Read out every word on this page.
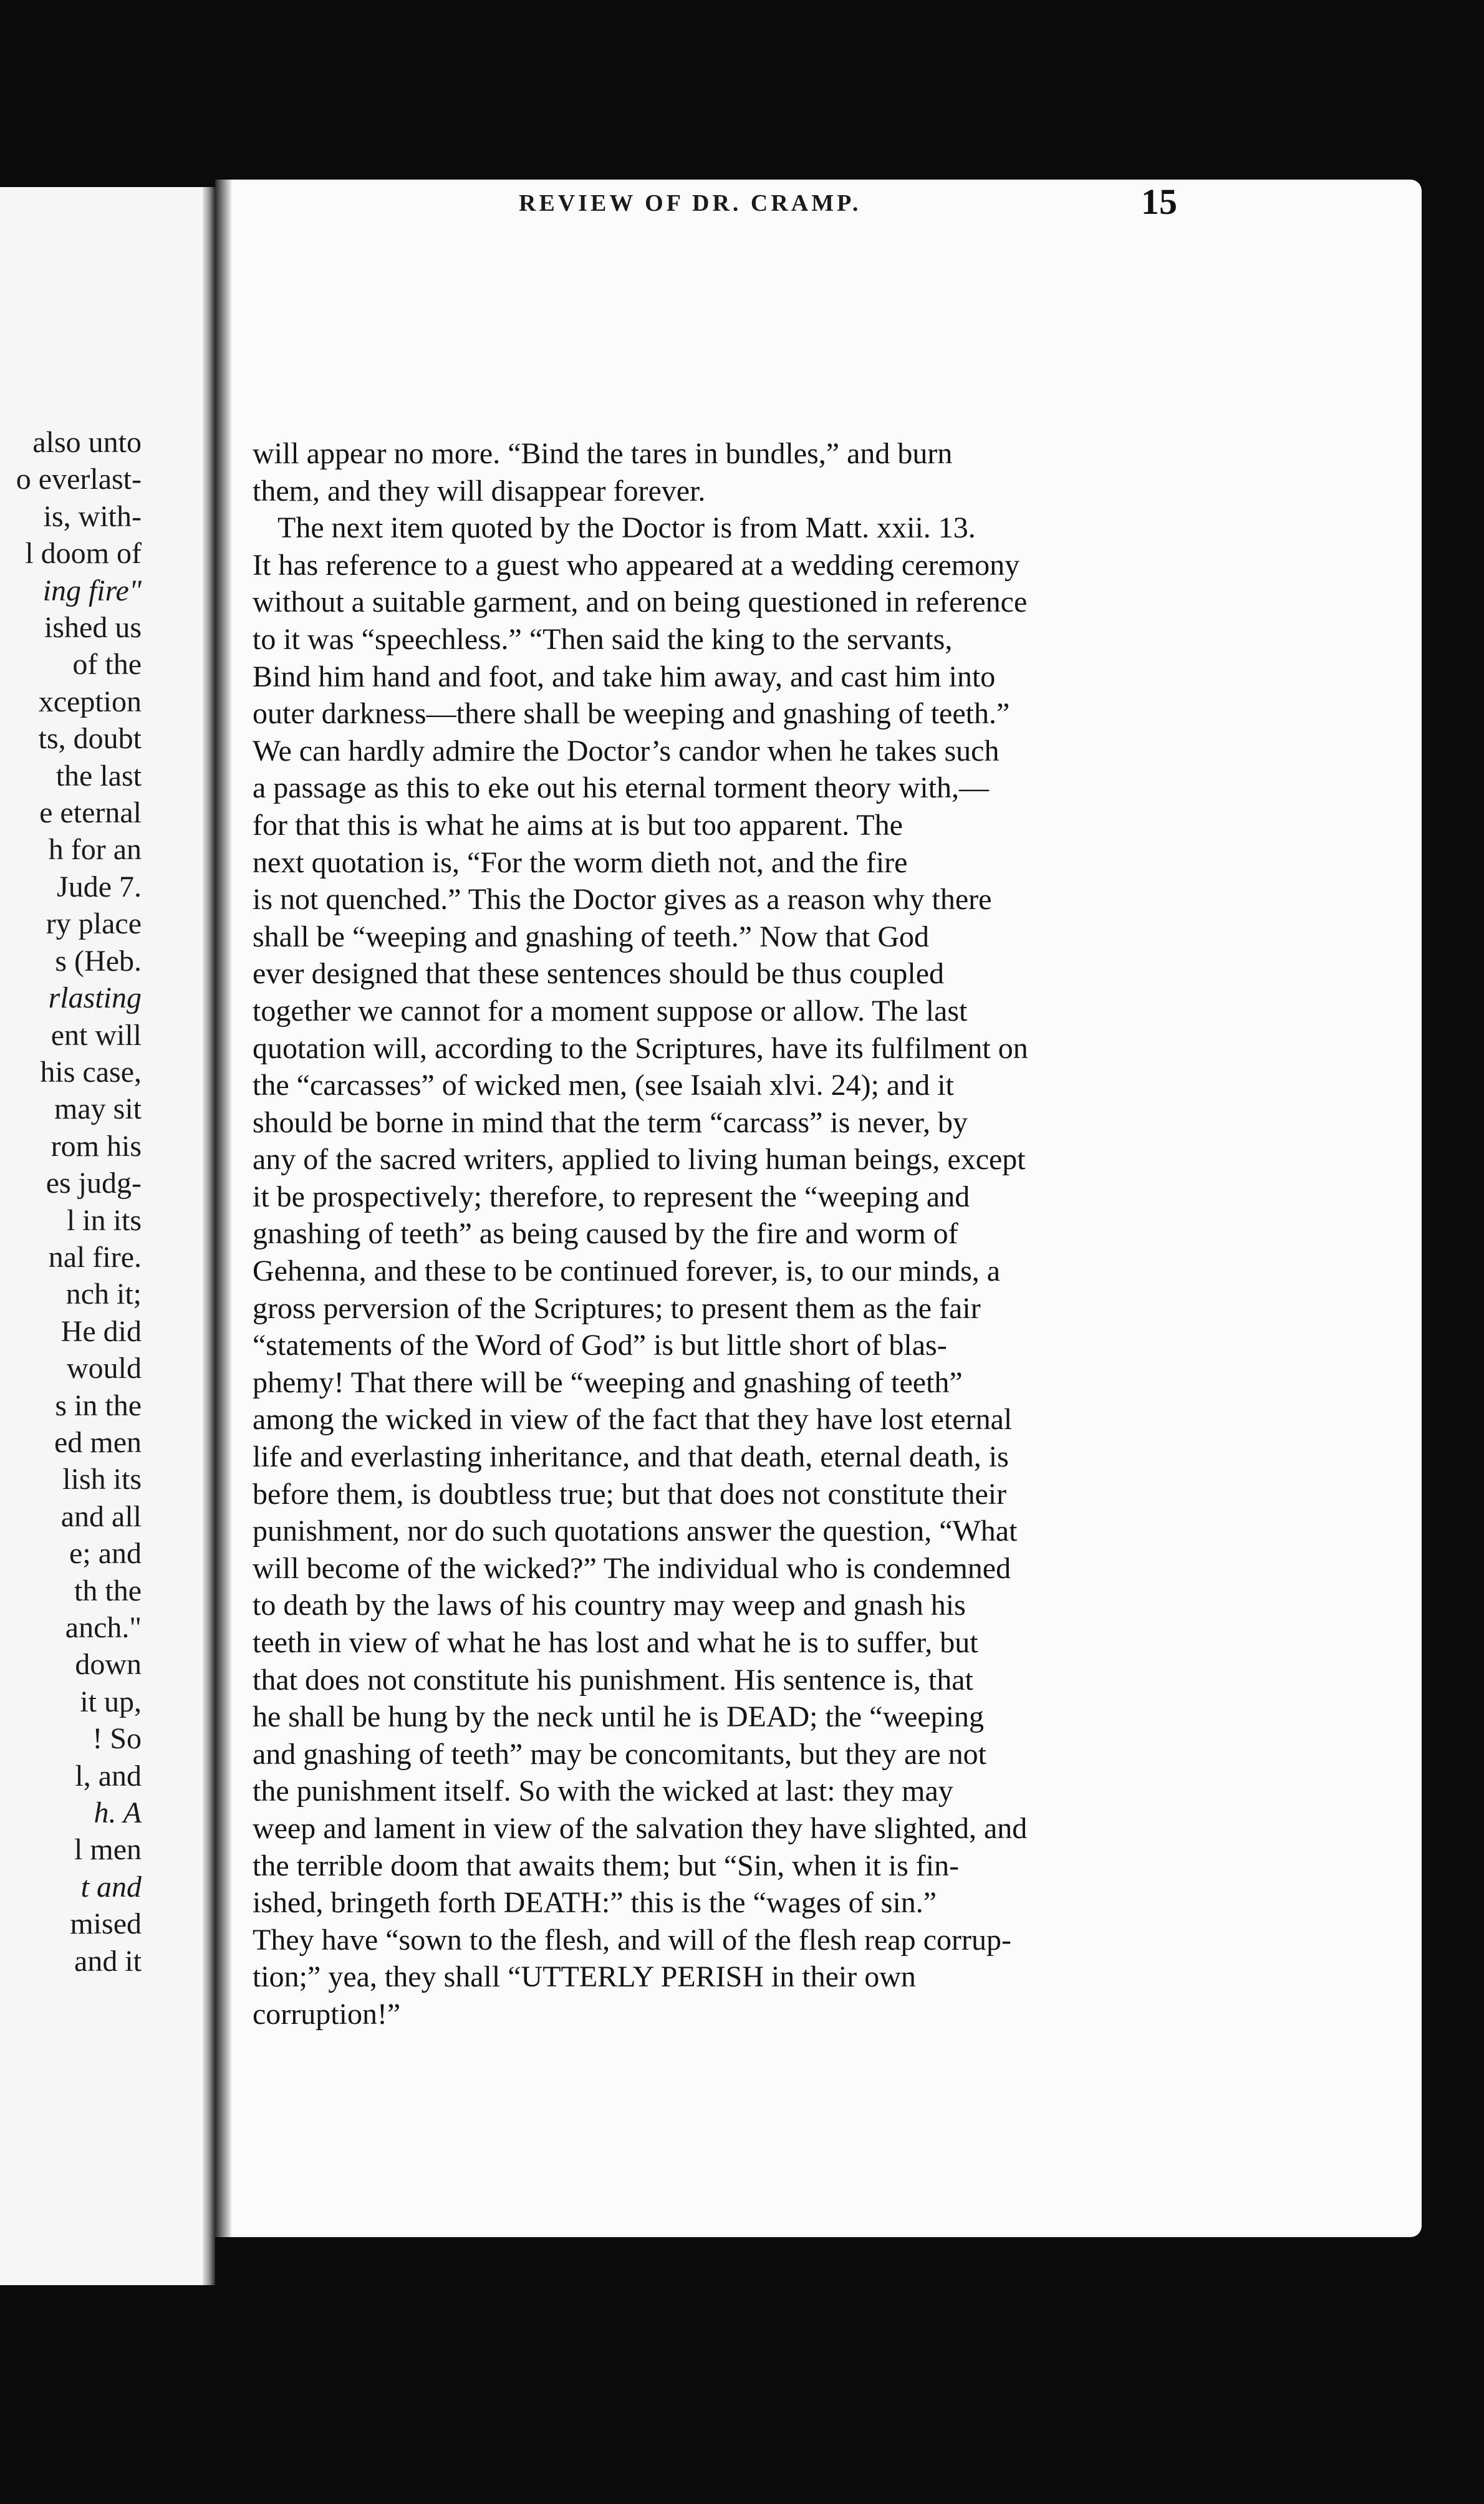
also unto
o everlast-
is, with-
l doom of
ing fire"
ished us
of the
xception
ts, doubt
the last
e eternal
h for an
Jude 7.
ry place
s (Heb.
rlasting
ent will
his case,
may sit
rom his
es judg-
l in its
nal fire.
nch it;
He did
would
s in the
ed men
lish its
and all
e; and
th the
anch."
down
it up,
! So
l, and
h. A
l men
t and
mised
and it
REVIEW OF DR. CRAMP.	15
will appear no more. “Bind the tares in bundles,” and burn
them, and they will disappear forever.
The next item quoted by the Doctor is from Matt. xxii. 13.
It has reference to a guest who appeared at a wedding ceremony
without a suitable garment, and on being questioned in reference
to it was “speechless.” “Then said the king to the servants,
Bind him hand and foot, and take him away, and cast him into
outer darkness—there shall be weeping and gnashing of teeth.”
We can hardly admire the Doctor’s candor when he takes such
a passage as this to eke out his eternal torment theory with,—
for that this is what he aims at is but too apparent. The
next quotation is, “For the worm dieth not, and the fire
is not quenched.” This the Doctor gives as a reason why there
shall be “weeping and gnashing of teeth.” Now that God
ever designed that these sentences should be thus coupled
together we cannot for a moment suppose or allow. The last
quotation will, according to the Scriptures, have its fulfilment on
the “carcasses” of wicked men, (see Isaiah xlvi. 24); and it
should be borne in mind that the term “carcass” is never, by
any of the sacred writers, applied to living human beings, except
it be prospectively; therefore, to represent the “weeping and
gnashing of teeth” as being caused by the fire and worm of
Gehenna, and these to be continued forever, is, to our minds, a
gross perversion of the Scriptures; to present them as the fair
“statements of the Word of God” is but little short of blas-
phemy! That there will be “weeping and gnashing of teeth”
among the wicked in view of the fact that they have lost eternal
life and everlasting inheritance, and that death, eternal death, is
before them, is doubtless true; but that does not constitute their
punishment, nor do such quotations answer the question, “What
will become of the wicked?” The individual who is condemned
to death by the laws of his country may weep and gnash his
teeth in view of what he has lost and what he is to suffer, but
that does not constitute his punishment. His sentence is, that
he shall be hung by the neck until he is DEAD; the “weeping
and gnashing of teeth” may be concomitants, but they are not
the punishment itself. So with the wicked at last: they may
weep and lament in view of the salvation they have slighted, and
the terrible doom that awaits them; but “Sin, when it is fin-
ished, bringeth forth DEATH:” this is the “wages of sin.”
They have “sown to the flesh, and will of the flesh reap corrup-
tion;” yea, they shall “UTTERLY PERISH in their own
corruption!”
